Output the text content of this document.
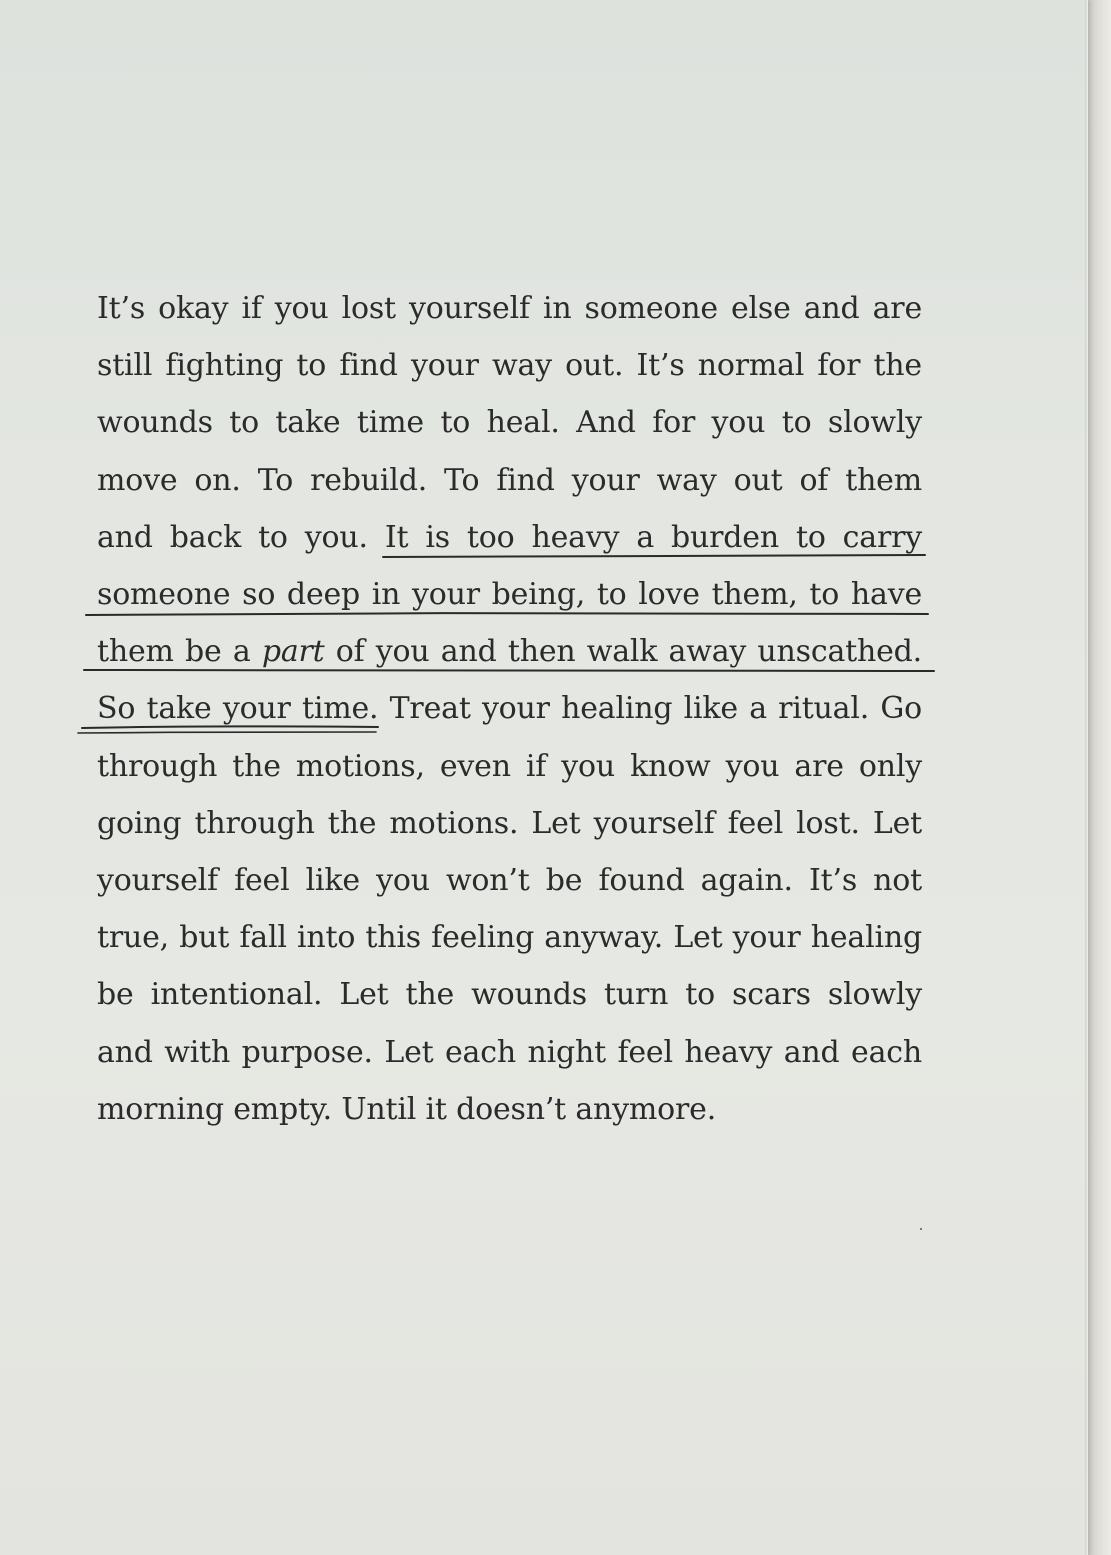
It’s okay if you lost yourself in someone else and are
still fighting to find your way out. It’s normal for the
wounds to take time to heal. And for you to slowly
move on. To rebuild. To find your way out of them
and back to you. It is too heavy a burden to carry
someone so deep in your being, to love them, to have
them be a part of you and then walk away unscathed.
So take your time. Treat your healing like a ritual. Go
through the motions, even if you know you are only
going through the motions. Let yourself feel lost. Let
yourself feel like you won’t be found again. It’s not
true, but fall into this feeling anyway. Let your healing
be intentional. Let the wounds turn to scars slowly
and with purpose. Let each night feel heavy and each
morning empty. Until it doesn’t anymore.
